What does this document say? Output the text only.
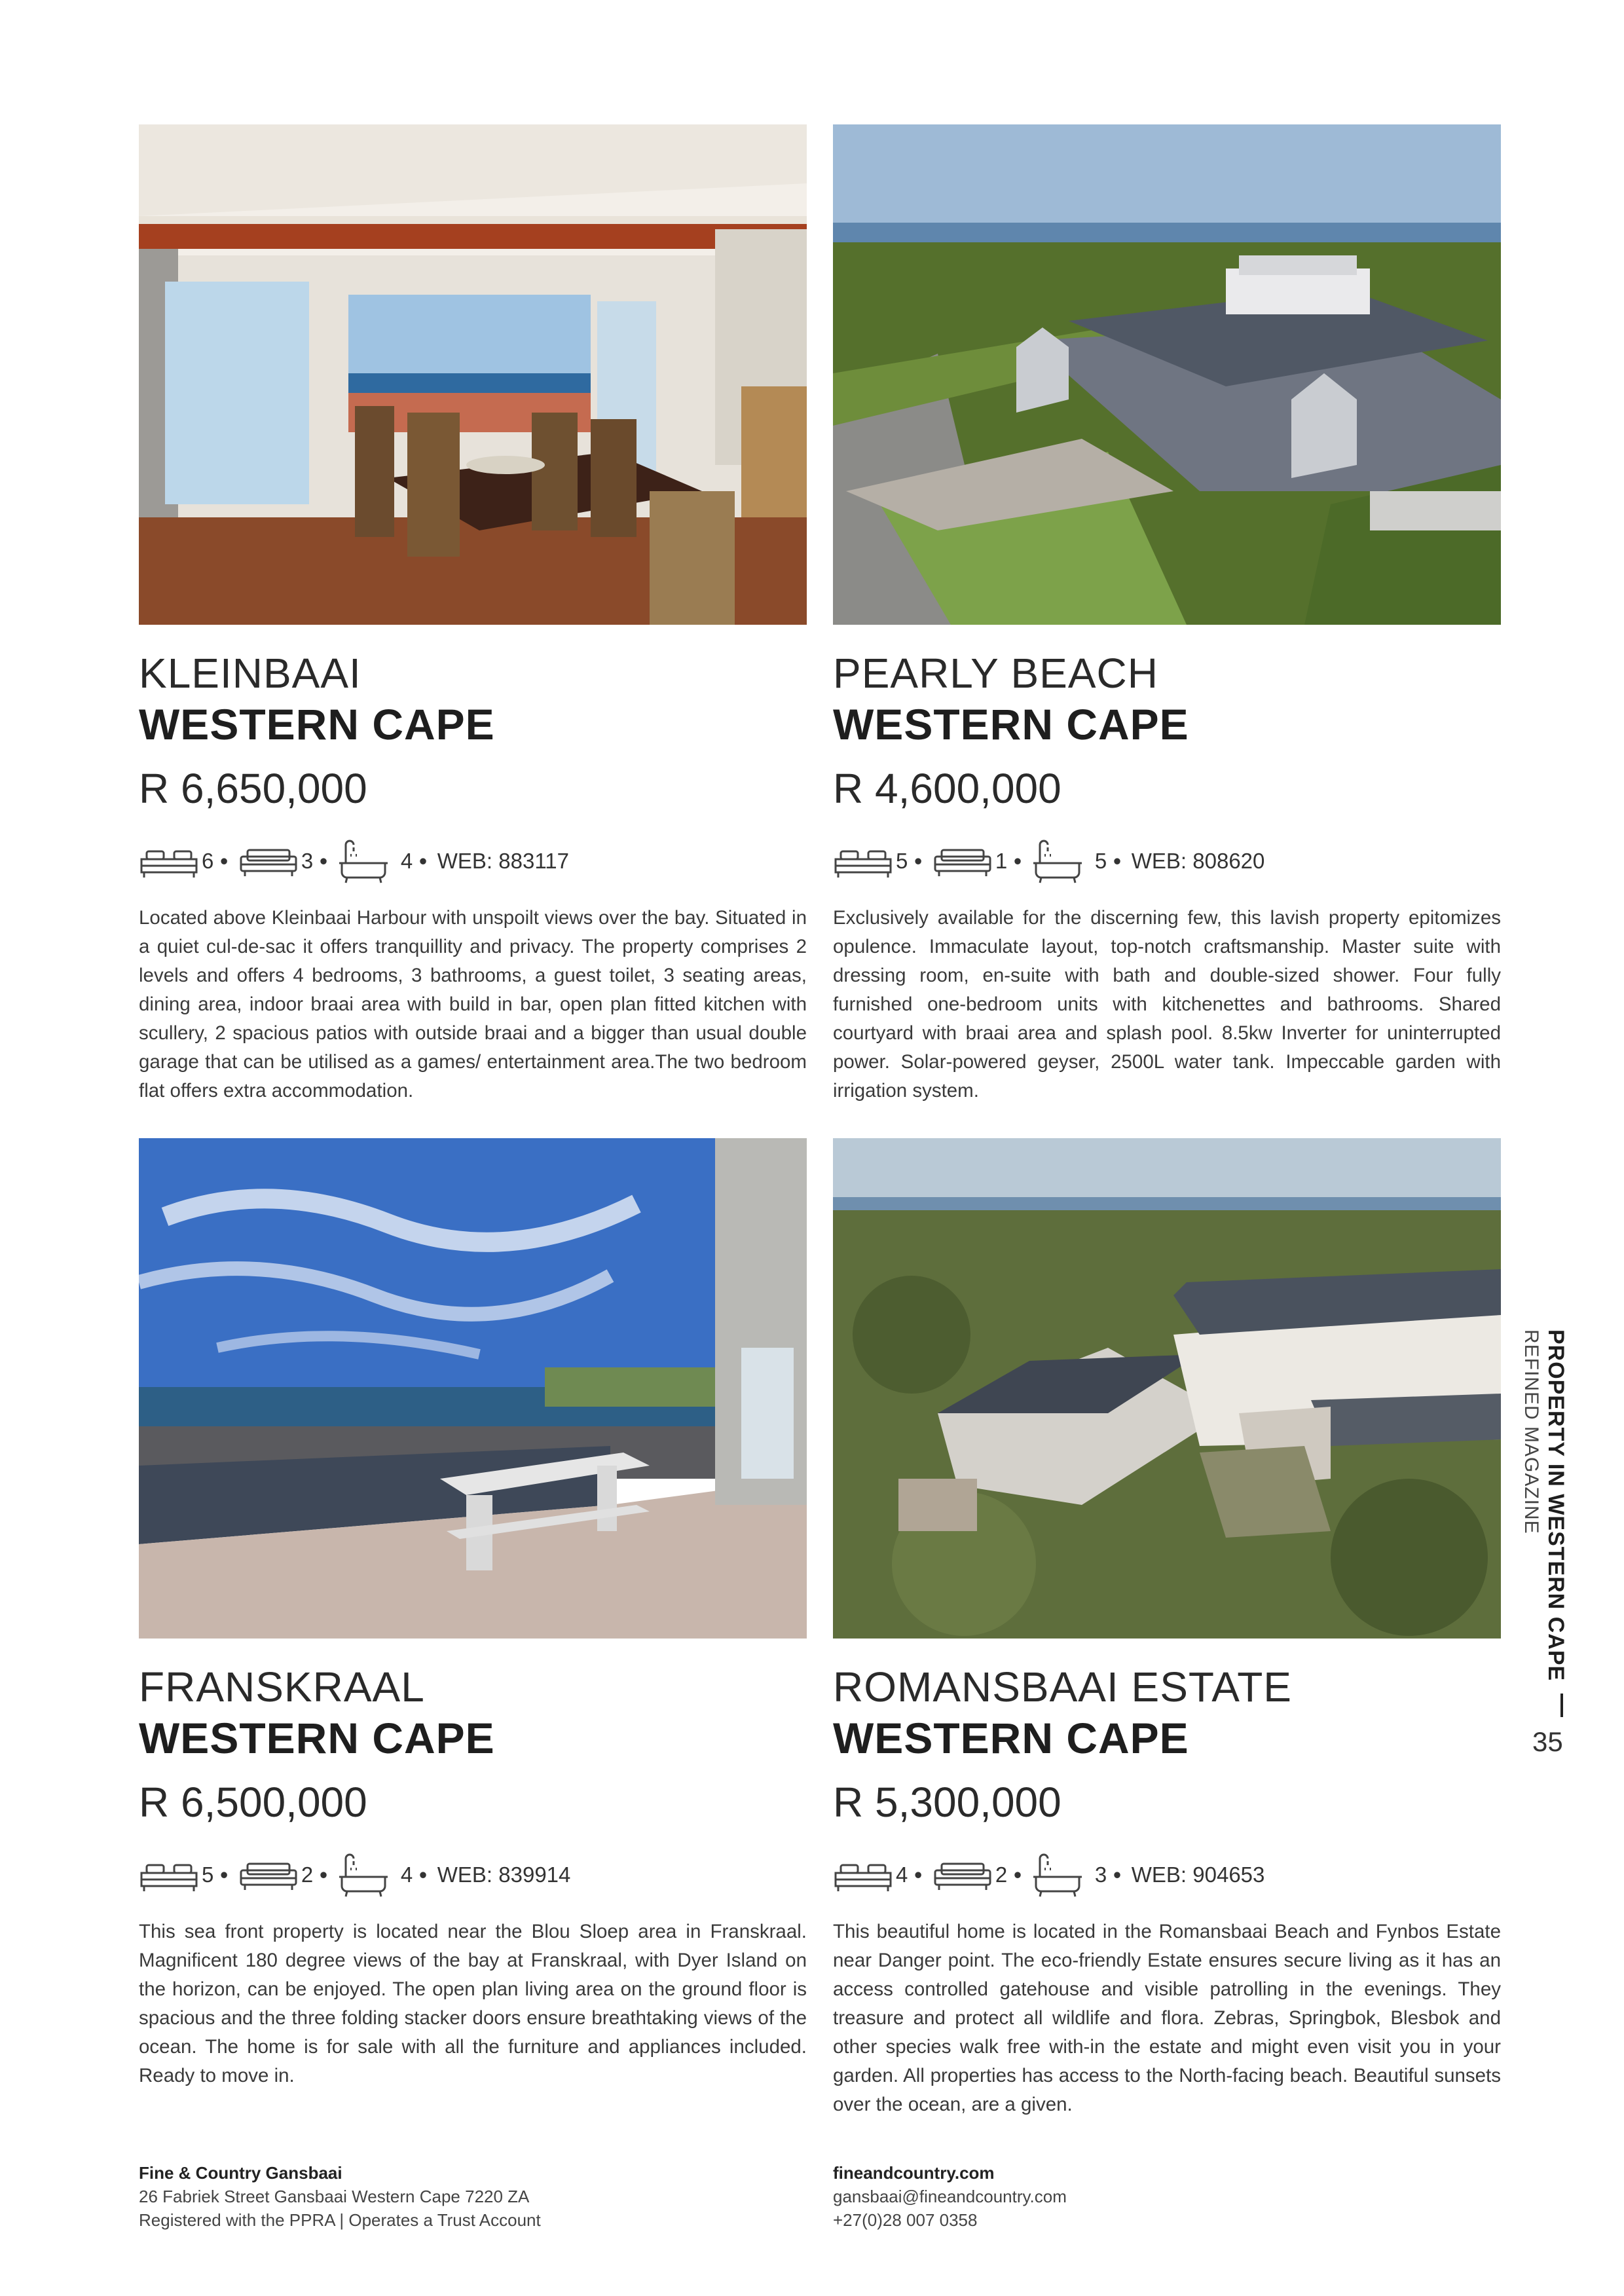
KLEINBAAI
WESTERN CAPE
R 6,650,000
6 •	3 •	4 • WEB: 883117
Located above Kleinbaai Harbour with unspoilt views over the bay. Situated in a quiet cul-de-sac it offers tranquillity and privacy. The property comprises 2 levels and offers 4 bedrooms, 3 bathrooms, a guest toilet, 3 seating areas, dining area, indoor braai area with build in bar, open plan fitted kitchen with scullery, 2 spacious patios with outside braai and a bigger than usual double garage that can be utilised as a games/ entertainment area.The two bedroom flat offers extra accommodation.
PEARLY BEACH
WESTERN CAPE
R 4,600,000
5 •	1 •	5 • WEB: 808620
Exclusively available for the discerning few, this lavish property epitomizes opulence. Immaculate layout, top-notch craftsmanship. Master suite with dressing room, en-suite with bath and double-sized shower. Four fully furnished one-bedroom units with kitchenettes and bathrooms. Shared courtyard with braai area and splash pool. 8.5kw Inverter for uninterrupted power. Solar-powered geyser, 2500L water tank. Impeccable garden with irrigation system.
FRANSKRAAL
WESTERN CAPE
R 6,500,000
5 •	2 •	4 • WEB: 839914
This sea front property is located near the Blou Sloep area in Franskraal. Magnificent 180 degree views of the bay at Franskraal, with Dyer Island on the horizon, can be enjoyed. The open plan living area on the ground floor is spacious and the three folding stacker doors ensure breathtaking views of the ocean. The home is for sale with all the furniture and appliances included. Ready to move in.
ROMANSBAAI ESTATE
WESTERN CAPE
R 5,300,000
4 •	2 •	3 • WEB: 904653
This beautiful home is located in the Romansbaai Beach and Fynbos Estate near Danger point. The eco-friendly Estate ensures secure living as it has an access controlled gatehouse and visible patrolling in the evenings. They treasure and protect all wildlife and flora. Zebras, Springbok, Blesbok and other species walk free with-in the estate and might even visit you in your garden. All properties has access to the North-facing beach. Beautiful sunsets over the ocean, are a given.
PROPERTY IN WESTERN CAPE
REFINED MAGAZINE
35
Fine & Country Gansbaai
26 Fabriek Street Gansbaai Western Cape 7220 ZA
Registered with the PPRA | Operates a Trust Account
fineandcountry.com
gansbaai@fineandcountry.com
+27(0)28 007 0358
